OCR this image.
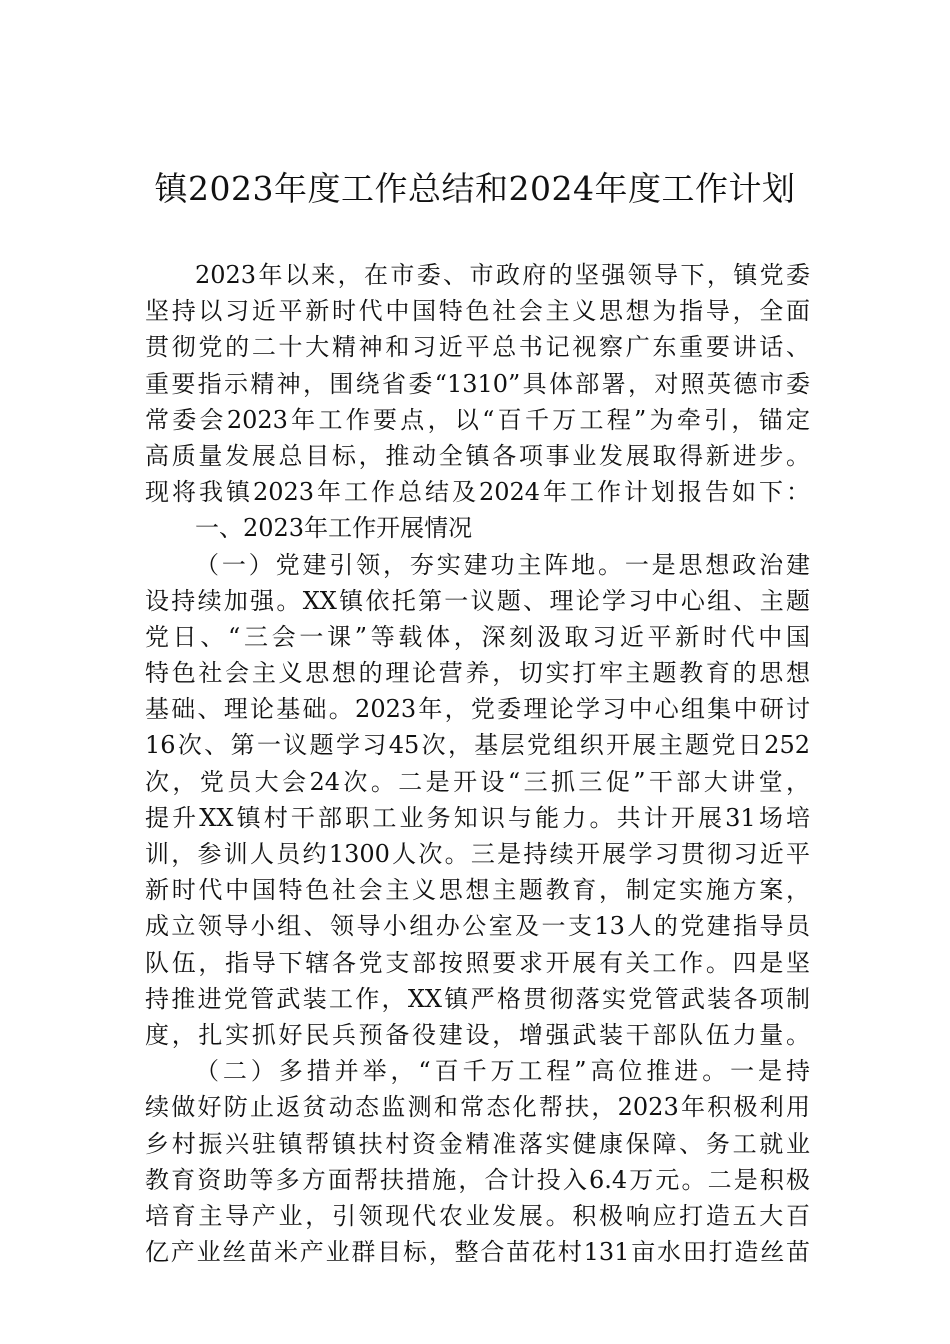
镇2023年度工作总结和2024年度工作计划
2023年以来，在市委、市政府的坚强领导下，镇党委
坚持以习近平新时代中国特色社会主义思想为指导，全面
贯彻党的二十大精神和习近平总书记视察广东重要讲话、
重要指示精神，围绕省委“1310”具体部署，对照英德市委
常委会2023年工作要点，以“百千万工程”为牵引，锚定
高质量发展总目标，推动全镇各项事业发展取得新进步。
现将我镇2023年工作总结及2024年工作计划报告如下：
一、2023年工作开展情况
（一）党建引领，夯实建功主阵地。一是思想政治建
设持续加强。XX镇依托第一议题、理论学习中心组、主题
党日、“三会一课”等载体，深刻汲取习近平新时代中国
特色社会主义思想的理论营养，切实打牢主题教育的思想
基础、理论基础。2023年，党委理论学习中心组集中研讨
16次、第一议题学习45次，基层党组织开展主题党日252
次，党员大会24次。二是开设“三抓三促”干部大讲堂，
提升XX镇村干部职工业务知识与能力。共计开展31场培
训，参训人员约1300人次。三是持续开展学习贯彻习近平
新时代中国特色社会主义思想主题教育，制定实施方案，
成立领导小组、领导小组办公室及一支13人的党建指导员
队伍，指导下辖各党支部按照要求开展有关工作。四是坚
持推进党管武装工作，XX镇严格贯彻落实党管武装各项制
度，扎实抓好民兵预备役建设，增强武装干部队伍力量。
（二）多措并举，“百千万工程”高位推进。一是持
续做好防止返贫动态监测和常态化帮扶，2023年积极利用
乡村振兴驻镇帮镇扶村资金精准落实健康保障、务工就业
教育资助等多方面帮扶措施，合计投入6.4万元。二是积极
培育主导产业，引领现代农业发展。积极响应打造五大百
亿产业丝苗米产业群目标，整合苗花村131亩水田打造丝苗
